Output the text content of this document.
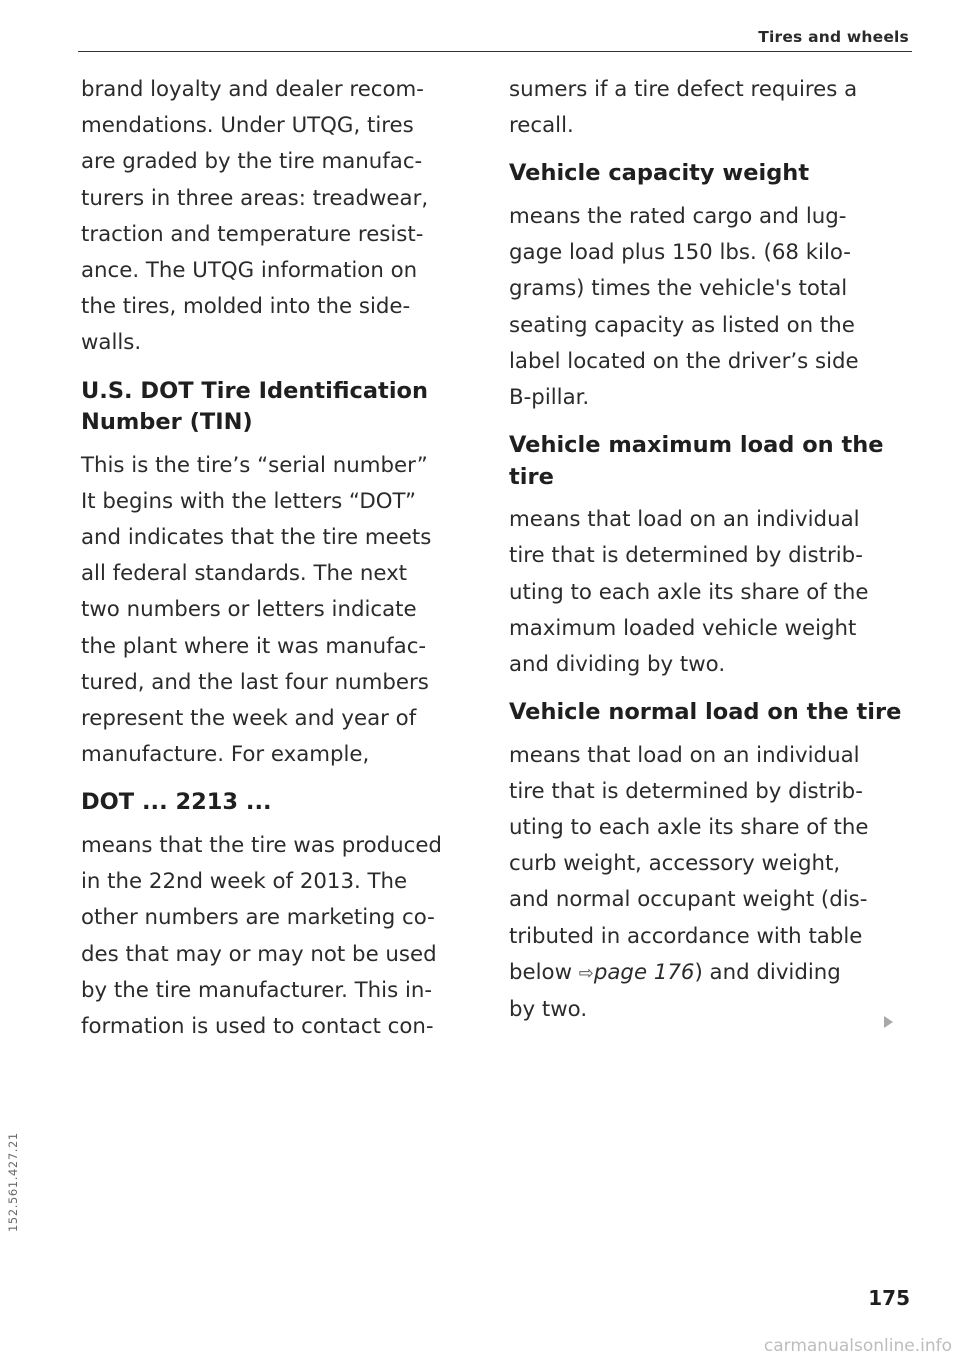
Tires and wheels

brand loyalty and dealer recom-
mendations. Under UTQG, tires
are graded by the tire manufac-
turers in three areas: treadwear,
traction and temperature resist-
ance. The UTQG information on
the tires, molded into the side-
walls.

U.S. DOT Tire Identification
Number (TIN)

This is the tire’s “serial number”
It begins with the letters “DOT”
and indicates that the tire meets
all federal standards. The next
two numbers or letters indicate
the plant where it was manufac-
tured, and the last four numbers
represent the week and year of
manufacture. For example,

DOT ... 2213 ...

means that the tire was produced
in the 22nd week of 2013. The
other numbers are marketing co-
des that may or may not be used
by the tire manufacturer. This in-
formation is used to contact con-

sumers if a tire defect requires a
recall.

Vehicle capacity weight

means the rated cargo and lug-
gage load plus 150 lbs. (68 kilo-
grams) times the vehicle's total
seating capacity as listed on the
label located on the driver’s side
B-pillar.

Vehicle maximum load on the
tire

means that load on an individual
tire that is determined by distrib-
uting to each axle its share of the
maximum loaded vehicle weight
and dividing by two.

Vehicle normal load on the tire

means that load on an individual
tire that is determined by distrib-
uting to each axle its share of the
curb weight, accessory weight,
and normal occupant weight (dis-
tributed in accordance with table
below ⇨page 176) and dividing
by two.

175
152.561.427.21
carmanualsonline.info
